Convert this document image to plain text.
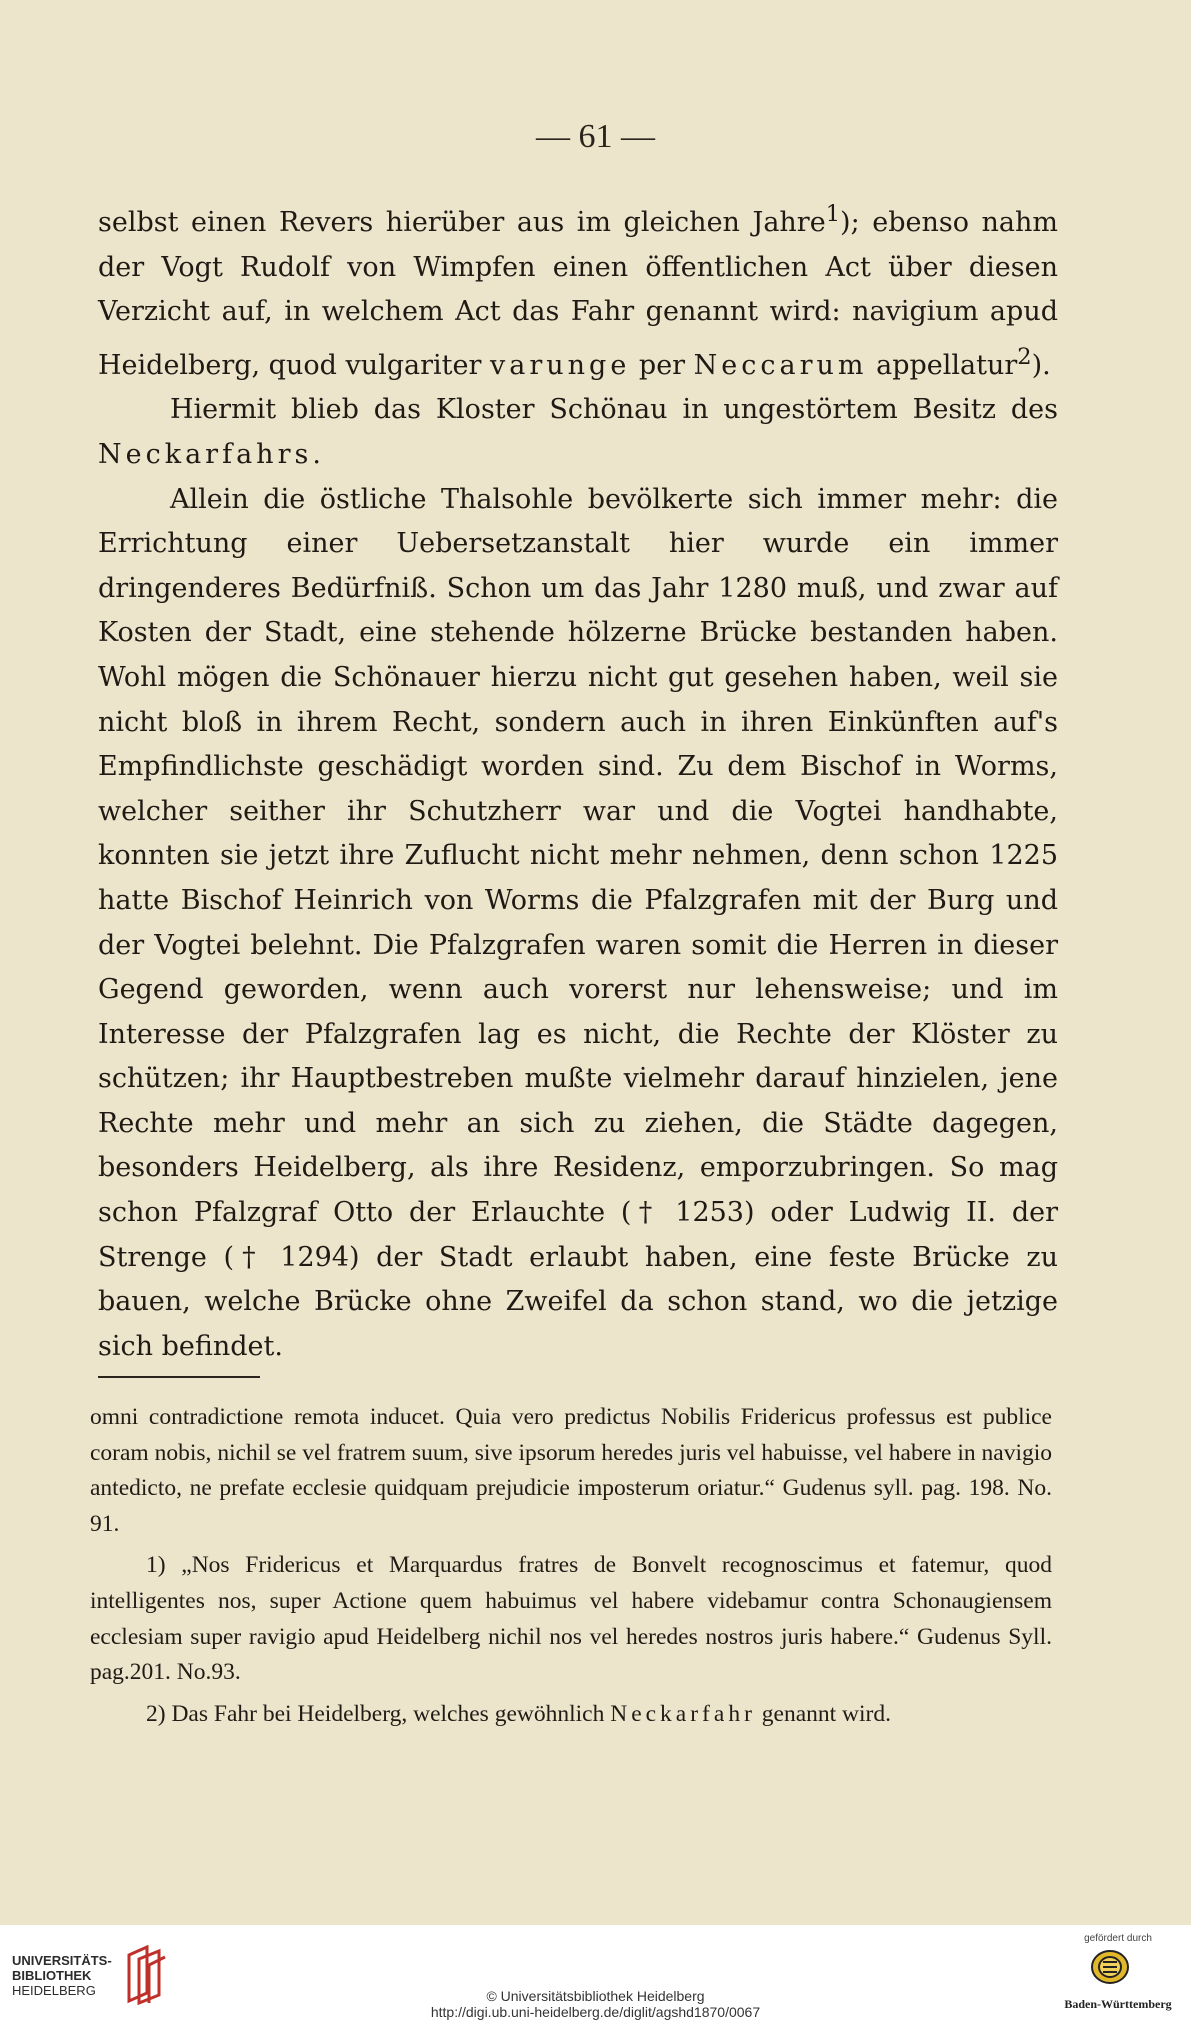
— 61 —

selbst einen Revers hierüber aus im gleichen Jahre$^1$); ebenso nahm der Vogt Rudolf von Wimpfen einen öffentlichen Act über diesen Verzicht auf, in welchem Act das Fahr genannt wird: navigium apud Heidelberg, quod vulgariter varunge per Neccarum appellatur$^2$).

Hiermit blieb das Kloster Schönau in ungestörtem Besitz des Neckarfahrs.

Allein die östliche Thalsohle bevölkerte sich immer mehr: die Errichtung einer Uebersetzanstalt hier wurde ein immer dringenderes Bedürfniß. Schon um das Jahr 1280 muß, und zwar auf Kosten der Stadt, eine stehende hölzerne Brücke bestanden haben. Wohl mögen die Schönauer hierzu nicht gut gesehen haben, weil sie nicht bloß in ihrem Recht, sondern auch in ihren Einkünften auf's Empfindlichste geschädigt worden sind. Zu dem Bischof in Worms, welcher seither ihr Schutzherr war und die Vogtei handhabte, konnten sie jetzt ihre Zuflucht nicht mehr nehmen, denn schon 1225 hatte Bischof Heinrich von Worms die Pfalzgrafen mit der Burg und der Vogtei belehnt. Die Pfalzgrafen waren somit die Herren in dieser Gegend geworden, wenn auch vorerst nur lehensweise; und im Interesse der Pfalzgrafen lag es nicht, die Rechte der Klöster zu schützen; ihr Hauptbestreben mußte vielmehr darauf hinzielen, jene Rechte mehr und mehr an sich zu ziehen, die Städte dagegen, besonders Heidelberg, als ihre Residenz, emporzubringen. So mag schon Pfalzgraf Otto der Erlauchte († 1253) oder Ludwig II. der Strenge († 1294) der Stadt erlaubt haben, eine feste Brücke zu bauen, welche Brücke ohne Zweifel da schon stand, wo die jetzige sich befindet.

omni contradictione remota inducet. Quia vero predictus Nobilis Fridericus professus est publice coram nobis, nichil se vel fratrem suum, sive ipsorum heredes juris vel habuisse, vel habere in navigio antedicto, ne prefate ecclesie quidquam prejudicie imposterum oriatur.“ Gudenus syll. pag. 198. No. 91.

1) „Nos Fridericus et Marquardus fratres de Bonvelt recognoscimus et fatemur, quod intelligentes nos, super Actione quem habuimus vel habere videbamur contra Schonaugiensem ecclesiam super ravigio apud Heidelberg nichil nos vel heredes nostros juris habere.“ Gudenus Syll. pag.201. No.93.

2) Das Fahr bei Heidelberg, welches gewöhnlich Neckarfahr genannt wird.

UNIVERSITÄTS-
BIBLIOTHEK
HEIDELBERG	© Universitätsbibliothek Heidelberg
http://digi.ub.uni-heidelberg.de/diglit/agshd1870/0067
gefördert durch
Baden-Württemberg
